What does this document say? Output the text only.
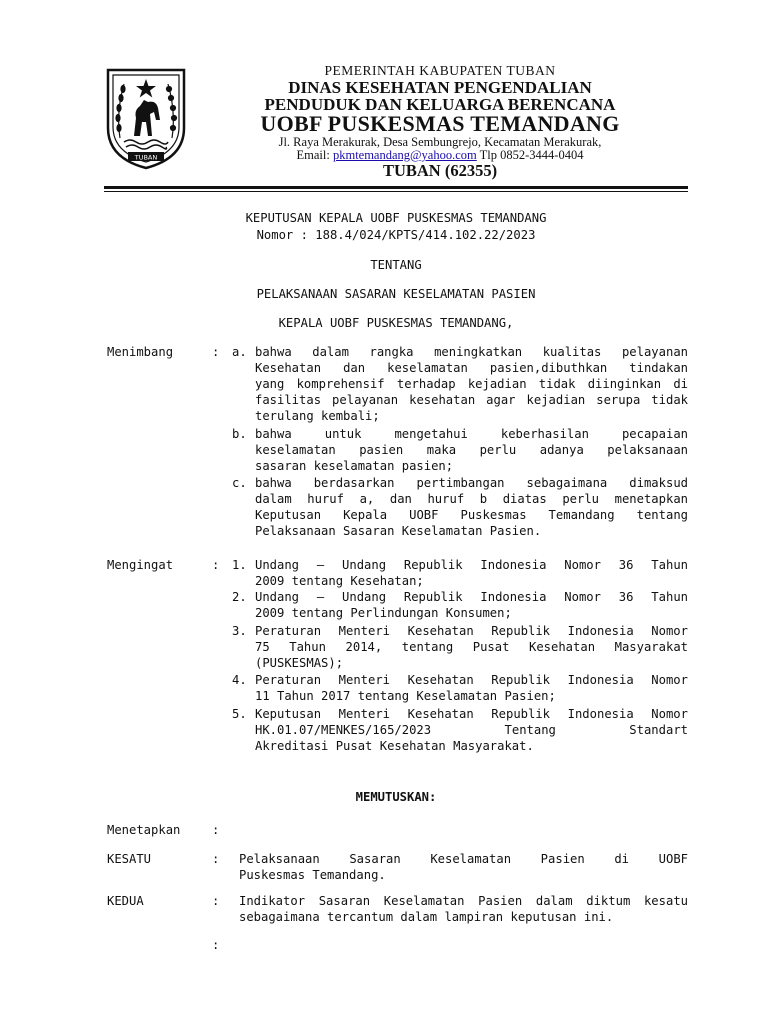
TUBAN
PEMERINTAH KABUPATEN TUBAN
DINAS KESEHATAN PENGENDALIAN
PENDUDUK DAN KELUARGA BERENCANA
UOBF PUSKESMAS TEMANDANG
Jl. Raya Merakurak, Desa Sembungrejo, Kecamatan Merakurak,
Email: pkmtemandang@yahoo.com Tlp 0852-3444-0404
TUBAN (62355)
KEPUTUSAN KEPALA UOBF PUSKESMAS TEMANDANG
Nomor : 188.4/024/KPTS/414.102.22/2023
TENTANG
PELAKSANAAN SASARAN KESELAMATAN PASIEN
KEPALA UOBF PUSKESMAS TEMANDANG,
Menimbang	: a. bahwa dalam rangka meningkatkan kualitas pelayanan
Kesehatan dan keselamatan pasien,dibuthkan tindakan
yang komprehensif terhadap kejadian tidak diinginkan di
fasilitas pelayanan kesehatan agar kejadian serupa tidak
terulang kembali;
b. bahwa untuk mengetahui keberhasilan pecapaian
keselamatan pasien maka perlu adanya pelaksanaan
sasaran keselamatan pasien;
c. bahwa berdasarkan pertimbangan sebagaimana dimaksud
dalam huruf a, dan huruf b diatas perlu menetapkan
Keputusan Kepala UOBF Puskesmas Temandang tentang
Pelaksanaan Sasaran Keselamatan Pasien.
Mengingat	: 1. Undang – Undang Republik Indonesia Nomor 36 Tahun
2009 tentang Kesehatan;
2. Undang – Undang Republik Indonesia Nomor 36 Tahun
2009 tentang Perlindungan Konsumen;
3. Peraturan Menteri Kesehatan Republik Indonesia Nomor
75 Tahun 2014, tentang Pusat Kesehatan Masyarakat
(PUSKESMAS);
4. Peraturan Menteri Kesehatan Republik Indonesia Nomor
11 Tahun 2017 tentang Keselamatan Pasien;
5. Keputusan Menteri Kesehatan Republik Indonesia Nomor
HK.01.07/MENKES/165/2023 Tentang Standart
Akreditasi Pusat Kesehatan Masyarakat.
MEMUTUSKAN:
Menetapkan	:
KESATU	: Pelaksanaan Sasaran Keselamatan Pasien di UOBF
Puskesmas Temandang.
KEDUA	: Indikator Sasaran Keselamatan Pasien dalam diktum kesatu
sebagaimana tercantum dalam lampiran keputusan ini.
:
